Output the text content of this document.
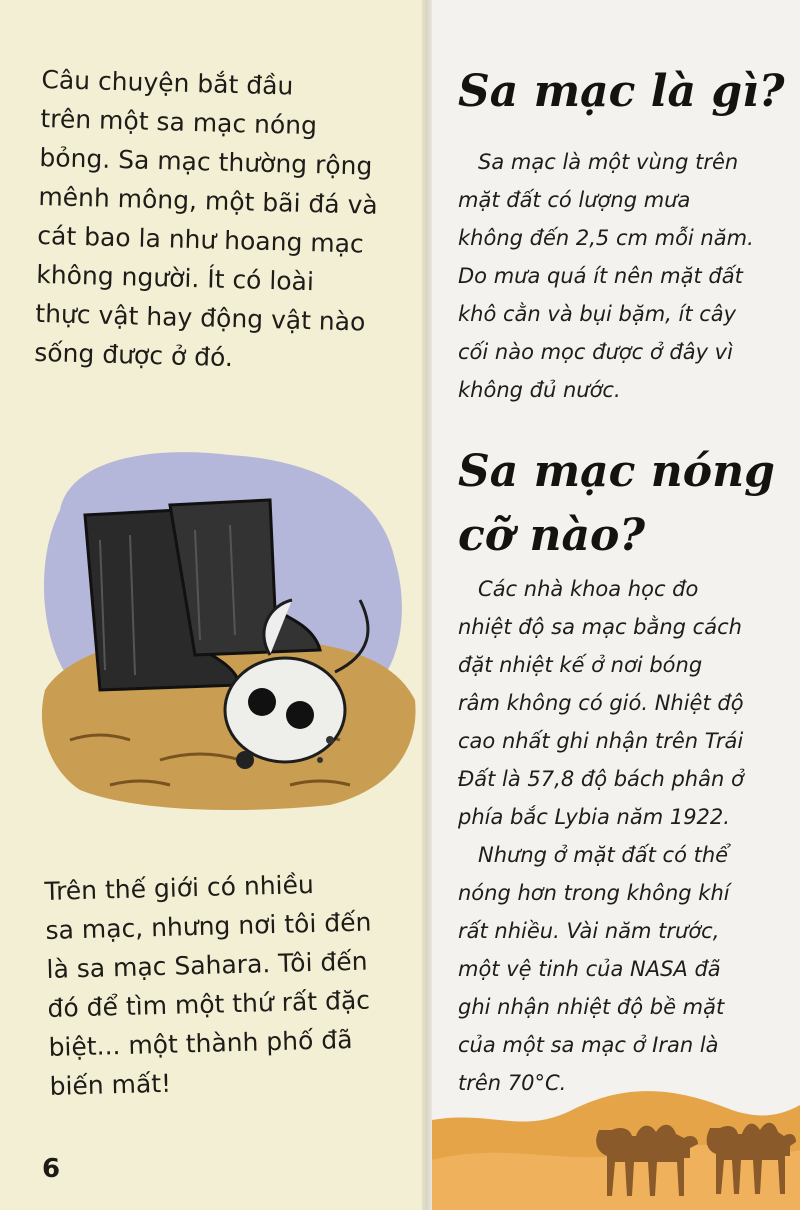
Câu chuyện bắt đầu
trên một sa mạc nóng
bỏng. Sa mạc thường rộng
mênh mông, một bãi đá và
cát bao la như hoang mạc
không người. Ít có loài
thực vật hay động vật nào
sống được ở đó.
Trên thế giới có nhiều
sa mạc, nhưng nơi tôi đến
là sa mạc Sahara. Tôi đến
đó để tìm một thứ rất đặc
biệt... một thành phố đã
biến mất!
6
Sa mạc là gì?
Sa mạc là một vùng trên
mặt đất có lượng mưa
không đến 2,5 cm mỗi năm.
Do mưa quá ít nên mặt đất
khô cằn và bụi bặm, ít cây
cối nào mọc được ở đây vì
không đủ nước.
Sa mạc nóng
cỡ nào?
Các nhà khoa học đo
nhiệt độ sa mạc bằng cách
đặt nhiệt kế ở nơi bóng
râm không có gió. Nhiệt độ
cao nhất ghi nhận trên Trái
Đất là 57,8 độ bách phân ở
phía bắc Lybia năm 1922.
Nhưng ở mặt đất có thể
nóng hơn trong không khí
rất nhiều. Vài năm trước,
một vệ tinh của NASA đã
ghi nhận nhiệt độ bề mặt
của một sa mạc ở Iran là
trên 70°C.
